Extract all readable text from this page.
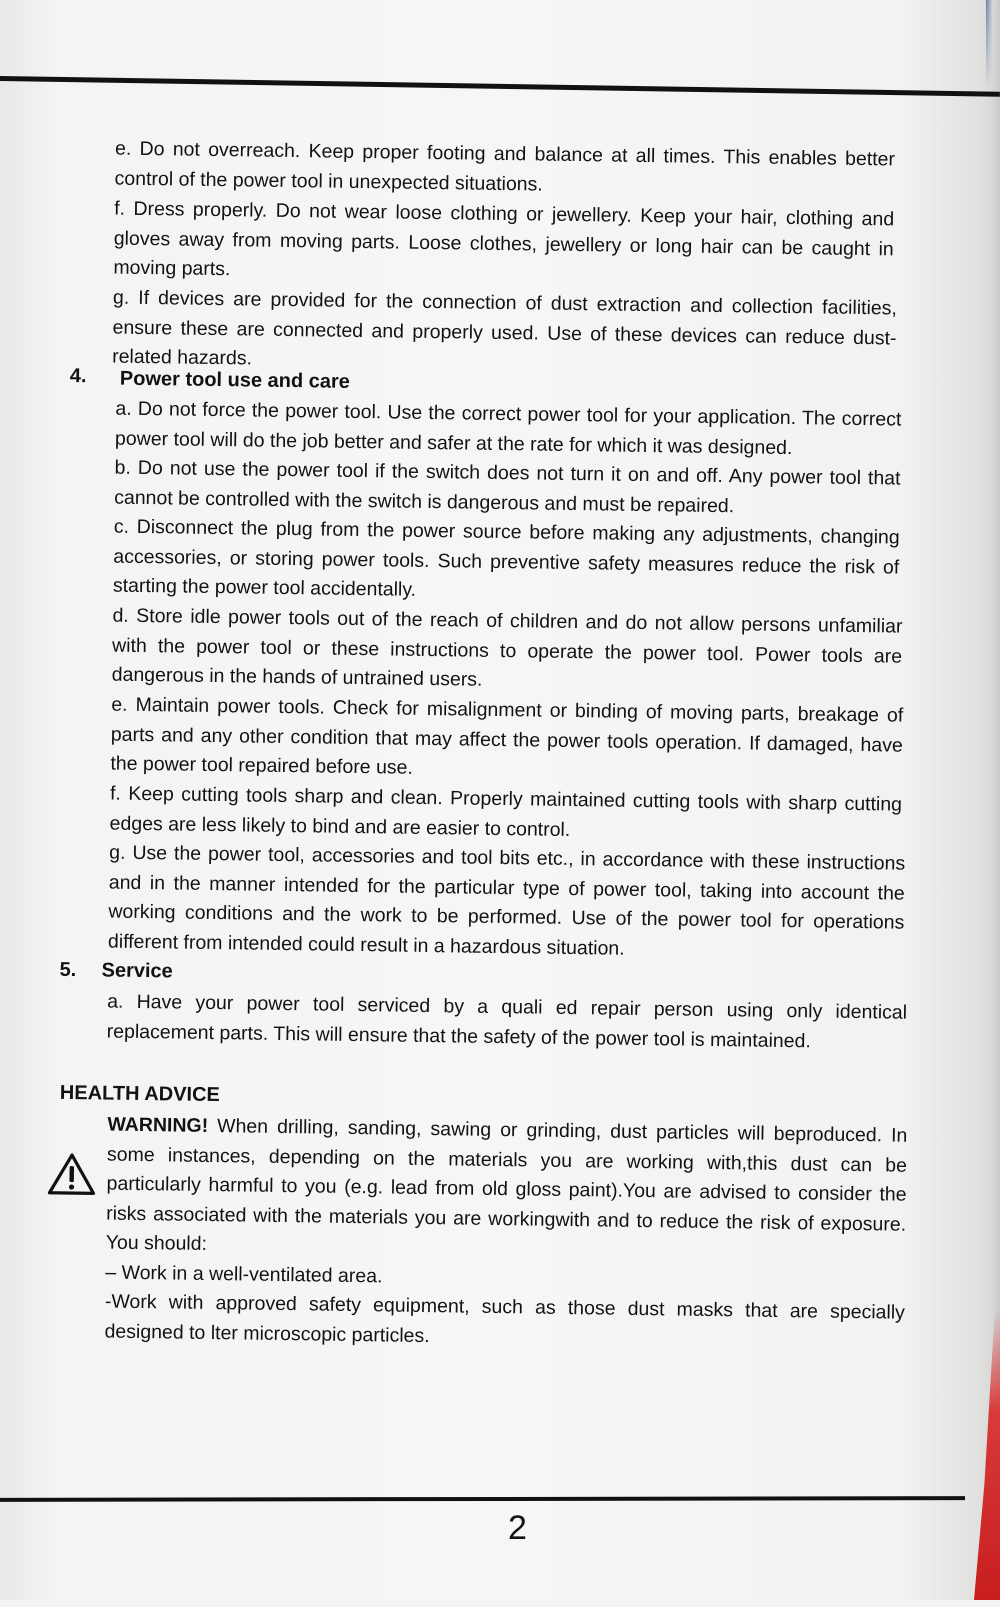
e. Do not overreach. Keep proper footing and balance at all times. This enables better control of the power tool in unexpected situations.

f. Dress properly. Do not wear loose clothing or jewellery. Keep your hair, clothing and gloves away from moving parts. Loose clothes, jewellery or long hair can be caught in moving parts.

g. If devices are provided for the connection of dust extraction and collection facilities, ensure these are connected and properly used. Use of these devices can reduce dust-related hazards.

4. Power tool use and care

a. Do not force the power tool. Use the correct power tool for your application. The correct power tool will do the job better and safer at the rate for which it was designed.

b. Do not use the power tool if the switch does not turn it on and off. Any power tool that cannot be controlled with the switch is dangerous and must be repaired.

c. Disconnect the plug from the power source before making any adjustments, changing accessories, or storing power tools. Such preventive safety measures reduce the risk of starting the power tool accidentally.

d. Store idle power tools out of the reach of children and do not allow persons unfamiliar with the power tool or these instructions to operate the power tool. Power tools are dangerous in the hands of untrained users.

e. Maintain power tools. Check for misalignment or binding of moving parts, breakage of parts and any other condition that may affect the power tools operation. If damaged, have the power tool repaired before use.

f. Keep cutting tools sharp and clean. Properly maintained cutting tools with sharp cutting edges are less likely to bind and are easier to control.

g. Use the power tool, accessories and tool bits etc., in accordance with these instructions and in the manner intended for the particular type of power tool, taking into account the working conditions and the work to be performed. Use of the power tool for operations different from intended could result in a hazardous situation.

5. Service

a. Have your power tool serviced by a quali ed repair person using only identical replacement parts. This will ensure that the safety of the power tool is maintained.

HEALTH ADVICE

WARNING! When drilling, sanding, sawing or grinding, dust particles will beproduced. In some instances, depending on the materials you are working with,this dust can be particularly harmful to you (e.g. lead from old gloss paint).You are advised to consider the risks associated with the materials you are workingwith and to reduce the risk of exposure. You should:

– Work in a well-ventilated area.

-Work with approved safety equipment, such as those dust masks that are specially designed to lter microscopic particles.

2
